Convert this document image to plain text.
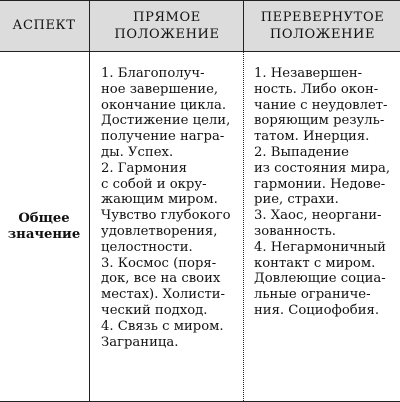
АСПЕКТ
ПРЯМОЕ
ПОЛОЖЕНИЕ
ПЕРЕВЕРНУТОЕ
ПОЛОЖЕНИЕ
Общее
значение
1. Благополуч-
ное завершение,
окончание цикла.
Достижение цели,
получение награ-
ды. Успех.
2. Гармония
с собой и окру-
жающим миром.
Чувство глубокого
удовлетворения,
целостности.
3. Космос (поря-
док, все на своих
местах). Холисти-
ческий подход.
4. Связь с миром.
Заграница.
1. Незавершен-
ность. Либо окон-
чание с неудовлет-
воряющим резуль-
татом. Инерция.
2. Выпадение
из состояния мира,
гармонии. Недове-
рие, страхи.
3. Хаос, неоргани-
зованность.
4. Негармоничный
контакт с миром.
Довлеющие социа-
льные ограниче-
ния. Социофобия.
